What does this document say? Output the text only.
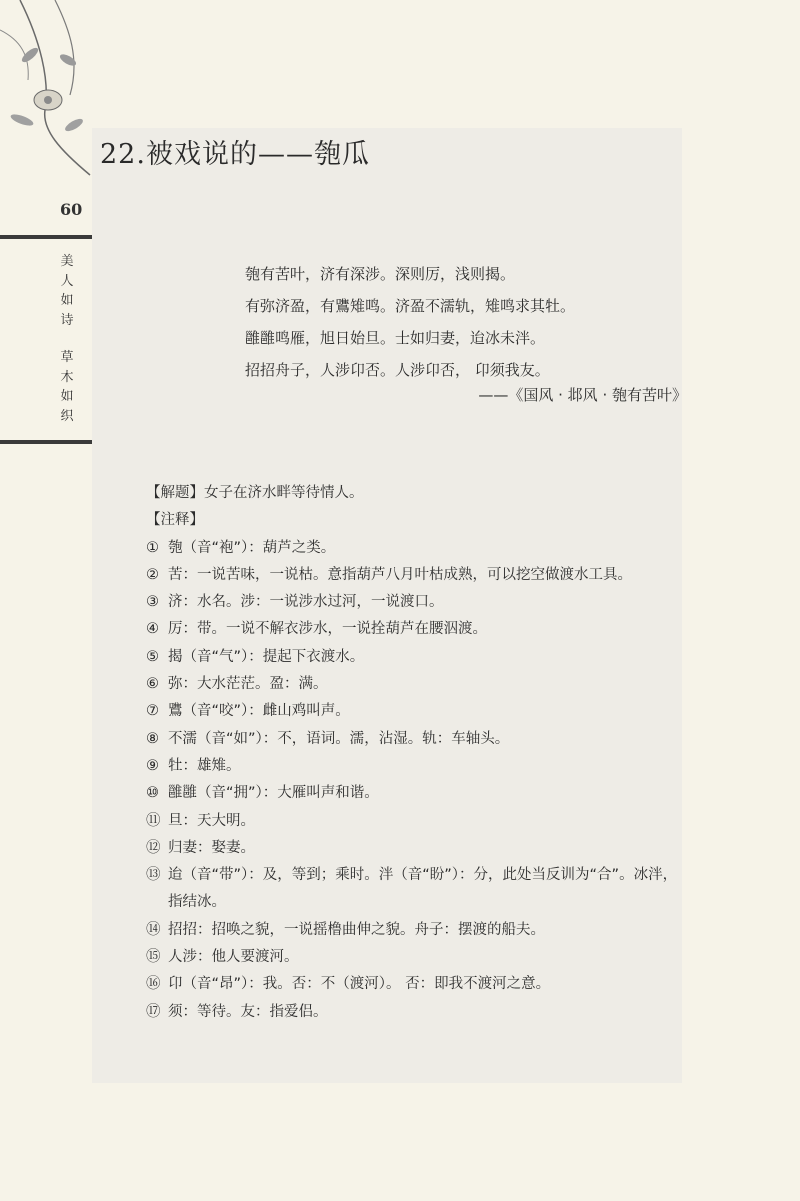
22.被戏说的——匏瓜
60
美人如诗
草木如织
匏有苦叶，济有深涉。深则厉，浅则揭。
有弥济盈，有鷕雉鸣。济盈不濡轨，雉鸣求其牡。
雝雝鸣雁，旭日始旦。士如归妻，迨冰未泮。
招招舟子，人涉卬否。人涉卬否， 卬须我友。
——《国风 · 邶风 · 匏有苦叶》
【解题】女子在济水畔等待情人。
【注释】
① 匏（音“袍”）：葫芦之类。
② 苦：一说苦味，一说枯。意指葫芦八月叶枯成熟，可以挖空做渡水工具。
③ 济：水名。涉：一说涉水过河，一说渡口。
④ 厉：带。一说不解衣涉水，一说拴葫芦在腰泅渡。
⑤ 揭（音“气”）：提起下衣渡水。
⑥ 弥：大水茫茫。盈：满。
⑦ 鷕（音“咬”）：雌山鸡叫声。
⑧ 不濡（音“如”）：不，语词。濡，沾湿。轨：车轴头。
⑨ 牡：雄雉。
⑩ 雝雝（音“拥”）：大雁叫声和谐。
⑪ 旦：天大明。
⑫ 归妻：娶妻。
⑬ 迨（音“带”）：及，等到；乘时。泮（音“盼”）：分，此处当反训为“合”。冰泮，指结冰。
⑭ 招招：招唤之貌，一说摇橹曲伸之貌。舟子：摆渡的船夫。
⑮ 人涉：他人要渡河。
⑯ 卬（音“昂”）：我。否：不（渡河）。 否：即我不渡河之意。
⑰ 须：等待。友：指爱侣。
